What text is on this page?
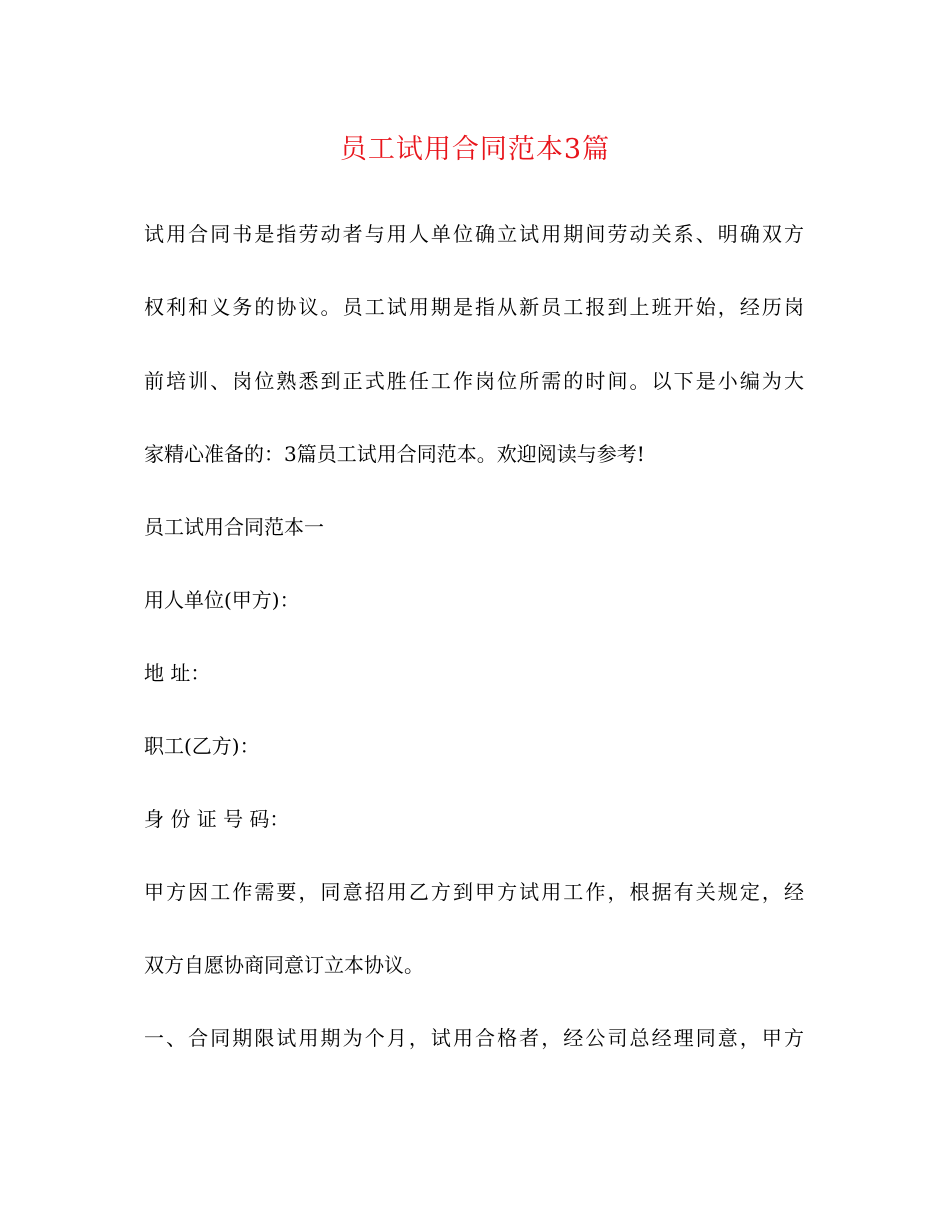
员工试用合同范本3篇

试用合同书是指劳动者与用人单位确立试用期间劳动关系、明确双方

权利和义务的协议。员工试用期是指从新员工报到上班开始，经历岗

前培训、岗位熟悉到正式胜任工作岗位所需的时间。以下是小编为大

家精心准备的：3篇员工试用合同范本。欢迎阅读与参考!

员工试用合同范本一

用人单位(甲方)：

地 址：

职工(乙方)：

身 份 证 号 码：

甲方因工作需要，同意招用乙方到甲方试用工作，根据有关规定，经

双方自愿协商同意订立本协议。

一、合同期限试用期为个月，试用合格者，经公司总经理同意，甲方
